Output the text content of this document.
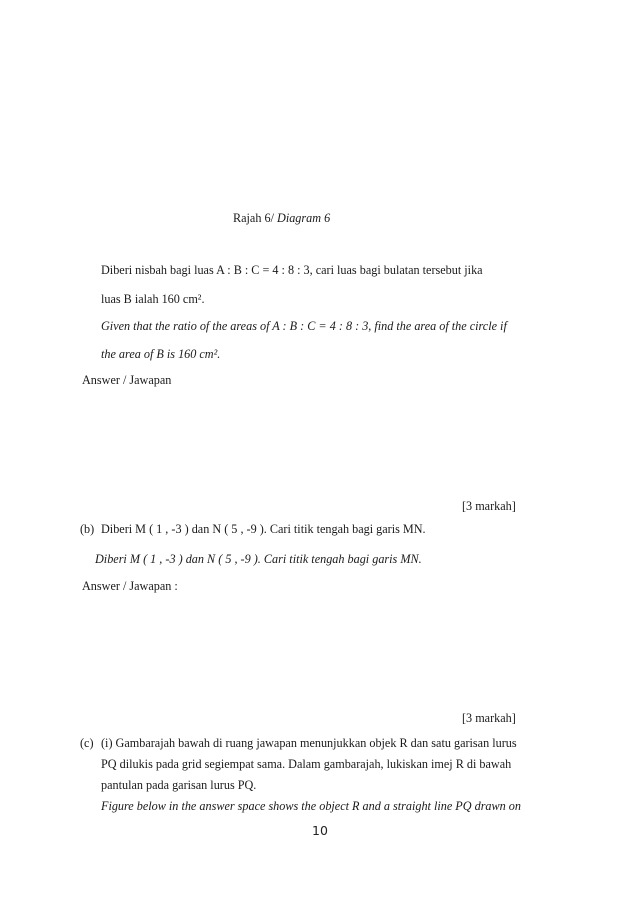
Rajah 6/ Diagram 6
Diberi nisbah bagi luas A : B : C = 4 : 8 : 3, cari luas bagi bulatan tersebut jika
luas B ialah 160 cm².
Given that the ratio of the areas of A : B : C = 4 : 8 : 3, find the area of the circle if
the area of B is 160 cm².
Answer / Jawapan
[3 markah]
(b) Diberi M ( 1 , -3 ) dan N ( 5 , -9 ). Cari titik tengah bagi garis MN.
Diberi M ( 1 , -3 ) dan N ( 5 , -9 ). Cari titik tengah bagi garis MN.
Answer / Jawapan :
[3 markah]
(c) (i) Gambarajah bawah di ruang jawapan menunjukkan objek R dan satu garisan lurus
PQ dilukis pada grid segiempat sama. Dalam gambarajah, lukiskan imej R di bawah
pantulan pada garisan lurus PQ.
Figure below in the answer space shows the object R and a straight line PQ drawn on
10
